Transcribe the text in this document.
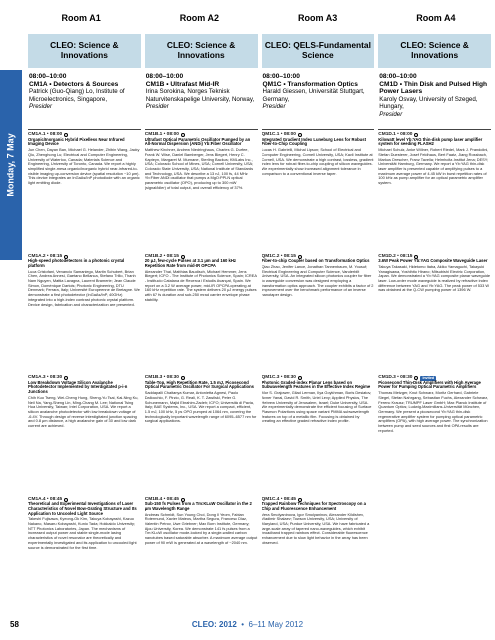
Monday, 7 May
Room A1	Room A2	Room A3	Room A4
CLEO: Science & Innovations
08:00–10:00
CM1A • Detectors & Sources
Patrick (Guo-Qiang) Lo, Institute of Microelectronics, Singapore,
Presider
CM1A.1 • 08:00
Organic/Inorganic Hybrid Pixelless Near Infrared Imaging Device
Jun Chen, Dayan Ban, Michael G. Helander, Zhibin Wang, Jacky Qiu, Zhenghong Lu; Electrical and Computer Engineering, University of Waterloo, Canada; Materials Science and Engineering, University of Toronto, Canada. We report a highly simplified single-mesa organic/inorganic hybrid near-infrared-to-visible imaging up-conversion device (spatial resolution ~10 μm). This device integrates an InGaAs/InP photodiode with an organic light emitting diode.
CM1A.2 • 08:15
High-speed photodetectors in a photonic crystal platform
Luca Cristofani, Venancio Samaniego, Martin Schubert, Brian Chen, Andrea Annesi, Gaetano Bellanca, Stefano Trillo, Thanh Nam Nguyen, Mattia Lavagna, Laurent Bramerie; Jean Claude Simon, Doménique Dartois; Photonic Engineering, DTU Denmark; Ferrara, Italy; Université Europeenne de Bretagne. We demonstrate a first photodetector (InGaAs/InP, 40GHz) integrated into a high-index contrast photonic crystal platform. Device design, fabrication and characterization are presented.
CM1A.3 • 08:30
Low Breakdown Voltage Silicon Avalanche Photodetector Implemented by Interdigitated p-i-n Junctions
Chih Kuo Tseng, Wei-Cheng Hung, Sheng-Yu Tsai, Kai-Ning Ku, Neil Na, Yang-Sheng Lin, Ming-Chang M. Lee; National Tsing Hua University, Taiwan; Intel Corporation, USA. We report a silicon avalanche photodetector with low breakdown voltage of -6.4V. Through design of reverse interdigitated junction spacing and 0.8 μm distance, a high avalanche gain of 30 and low dark current are achieved.
CM1A.4 • 08:45
Theoretical and Experimental Investigations of Laser Characteristics of Novel Bow-Grating Structure and Its Application to Uncooled Light Source
Takeshi Fujisawa, Kyeong-Ok Kim, Takuya Kobayashi, Kazuo Nakano, Masaru Kobayashi, Kunio Tada; Hokkaido University; NTT Photonics Laboratories, Japan. The mechanisms of increased output power and stable single-mode lasing characteristics of novel resonator are theoretically and experimentally investigated and its application to uncooled light source is demonstrated for the first time.
CLEO: Science & Innovations
08:00–10:00
CM1B • Ultrafast Mid-IR
Irina Sorokina, Norges Teknisk Naturvitenskapelige University, Norway,
Presider
CM1B.1 • 08:00
Ultrafast Optical Parametric Oscillator Pumped by an All-Normal Dispersion (ANDi) Yb:Fiber Oscillator
Matthew Kirchner, Andrew Niedringhaus, Charles G. Durfee, Frank W. Wise, Daniel Bamberger, Jens Biegert, Henry C. Kapteyn, Margaret M. Murnane, Sterling Backus; KMLabs Inc., USA; Colorado School of Mines, USA; Cornell University, USA; Colorado State University, USA; National Institute of Standards and Technology, USA. We describe a 13 nJ, 100 fs, 44 MHz Yb:Fiber ANDi oscillator that pumps a MgO:PPLN optical parametric oscillator (OPO), producing up to 300 mW (signal/idler) of total output, and overall efficiency of 37%.
CM1B.2 • 08:15
20 μJ, few-cycle Pulses at 3.1 μm and 160 kHz Repetition Rate from mid-IR OPCPA
Alexander Thai, Matthias Baudisch, Michael Hemmer, Jens Biegert; ICFO - The Institute of Photonics Science, Spain; ICREA - Institucio Catalana de Recerca i Estudis Avançat, Spain. We report on a 3.2 W average power, mid-IR OPCPA operating at 160 kHz repetition rate. The system delivers 20 μJ energy pulses with 67 fs duration and sub-250 mrad carrier envelope phase stability.
CM1B.3 • 08:30
Table-Top, High Repetition Rate, 1.5 mJ, Picosecond Optical Parametric Oscillator For Surgical Applications
Saddapalli Chaitanya Kumar, Antonietta Agnesi, Paolo Dallocchio, F. Pirzio, G. Reali, K. T. Zawilski, Peter G. Schunemann, Majid Ebrahim-Zadeh; ICFO; Università di Pavia, Italy; BAE Systems, Inc., USA. We report a compact, efficient, 1.5 mJ, 100 kHz, 5 ps OPO pumped at 1064 nm, covering the technologically important wavelength range of 6095–6577 nm for surgical applications.
CM1B.4 • 08:45
Sub-150 fs Pulses from a Tm:KLuW Oscillator in the 2 μm Wavelength Range
Andreas Schmidt, Sun Young Choi, Dong Il Yeom, Fabian Rotermund, Xavier Mateos, Martha Segura, Francesc Diaz, Valentin Petrov, Uwe Griebner; Max Born Institute, Germany; Ajou University, Korea. We demonstrate 141 fs pulses from a Tm:KLuW oscillator mode-locked by a single-walled carbon nanotubes based saturable absorber. A maximum average output power of 90 mW is generated at a wavelength of ~2040 nm.
CLEO: QELS-Fundamental Science
08:00–10:00
QM1C • Transformation Optics
Harald Giessen, Universität Stuttgart, Germany,
Presider
QM1C.1 • 08:00
Integrated Gradient Index Luneburg Lens for Robust Fiber-to-Chip Coupling
Lucas H. Gabrielli, Michal Lipson; School of Electrical and Computer Engineering, Cornell University, USA; Kavli Institute at Cornell, USA. We demonstrate a high contrast, lossless, gradient index lens for robust fiber-to-chip coupling of silicon waveguides. We experimentally show increased alignment tolerance in comparison to a conventional inverse taper.
QM1C.2 • 08:15
Fiber-to-chip Coupler based on Transformation Optics
Qiao Zhao, Jenifer Lance, Jonathan Tannenbaum, M. Yousuf; Electrical Engineering and Computer Science, Vanderbilt University, USA. An integrated silicon photonics coupler for fiber to waveguide conversion was designed employing a transformation optics approach. The coupler exhibits a factor of 2 improvement over the benchmark performance of an inverse nanotaper design.
QM1C.3 • 08:30
Photonic Graded-index Planar Lens based on Subwavelength Features in the Effective Index Regime
Mor S. Grajower, Gilad Lerman, Ilya Goykhman, Boris Desiatov, Avner Yanai, David R. Smith, Uriel Levy; Applied Physics, The Hebrew University of Jerusalem, Israel; Duke University, USA. We experimentally demonstrate the efficient focusing of Surface Plasmon Polaritons using space variant PMMA subwavelength features on top of a metallic film. Focusing is obtained by creating an effective graded refractive index profile.
QM1C.4 • 08:45
Trapped Rainbow Techniques for Spectroscopy on a Chip and Fluorescence Enhancement
Vera Smolyaninova, Igor Smolyaninov, Alexander Kildishev, Vladimir Shalaev; Towson University, USA; University of Maryland, USA; Purdue University, USA. We have fabricated a large-scale array of tapered nano-waveguides, which exhibit broadband trapped rainbow effect. Considerable fluorescence enhancement due to slow light behavior in the array has been observed.
CLEO: Science & Innovations
08:00–10:00
CM1D • Thin Disk and Pulsed High Power Lasers
Karoly Osvay, University of Szeged, Hungary,
Presider
CM1D.1 • 08:00
Kilowatt level Yb:YAG thin-disk pump laser amplifier system for seeding FLASH2
Michael Schulz, Anke Willner, Robert Riedel, Mark J. Prandolini, Stefan Duesterer, Josef Feldhaus, Bert Faatz, Jiang Rossbach, Markus Drescher, Franz Tavella; Helmholtz-Institut Jena; DESY; Universität Hamburg, Germany. We report a Yb:YAG thin-disk laser amplifier is presented capable of amplifying pulses to a maximum average power of 4.45 kW in burst repetition rates of 100 kHz as pump amplifier for an optical parametric amplifier system.
CM1D.2 • 08:15
3.6W Peak Power Yb:YAG Composite Waveguide Laser
Takuya Takasaki, Hidetomo Itaba, Akiko Yamaguchi, Takayuki Yanagisawa, Yoshihito Hirano; Mitsubishi Electric Corporation, Japan. We demonstrated a Yb:YAG composite planar waveguide laser. Low-order mode waveguide is realized by refractive index difference between YAG and Yb:YAG. The peak power of 533 W was obtained at the Q-CW pumping power of 1396 W.
CM1D.3 • 08:30	Invited
Picosecond Thin-Disk Amplifiers with High Average Power for Pumping Optical Parametric Amplifiers
Thomas Metzger, Knut Schwarz, Moritz Gerhard, Gabriele Siegel, Stefan Nahrgang, Sebastian Fuchs, Alexander Schwarz, Ferenc Krausz; TRUMPF Laser GmbH; Max Planck Institute of Quantum Optics; Ludwig-Maximilians-Universität München, Germany. We present a picosecond Yb:YAG thin-disk regenerative amplifier system for pumping optical parametric amplifiers (OPA), with high average power. The synchronization between pump and seed sources and first OPA results are reported.
58	CLEO: 2012  •  6–11 May 2012
